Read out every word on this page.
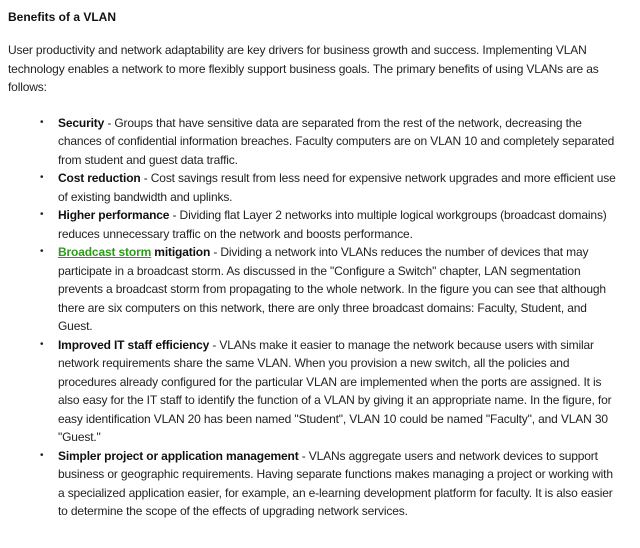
Benefits of a VLAN

User productivity and network adaptability are key drivers for business growth and success. Implementing VLAN technology enables a network to more flexibly support business goals. The primary benefits of using VLANs are as follows:

• Security - Groups that have sensitive data are separated from the rest of the network, decreasing the chances of confidential information breaches. Faculty computers are on VLAN 10 and completely separated from student and guest data traffic.
• Cost reduction - Cost savings result from less need for expensive network upgrades and more efficient use of existing bandwidth and uplinks.
• Higher performance - Dividing flat Layer 2 networks into multiple logical workgroups (broadcast domains) reduces unnecessary traffic on the network and boosts performance.
• Broadcast storm mitigation - Dividing a network into VLANs reduces the number of devices that may participate in a broadcast storm. As discussed in the "Configure a Switch" chapter, LAN segmentation prevents a broadcast storm from propagating to the whole network. In the figure you can see that although there are six computers on this network, there are only three broadcast domains: Faculty, Student, and Guest.
• Improved IT staff efficiency - VLANs make it easier to manage the network because users with similar network requirements share the same VLAN. When you provision a new switch, all the policies and procedures already configured for the particular VLAN are implemented when the ports are assigned. It is also easy for the IT staff to identify the function of a VLAN by giving it an appropriate name. In the figure, for easy identification VLAN 20 has been named "Student", VLAN 10 could be named "Faculty", and VLAN 30 "Guest."
• Simpler project or application management - VLANs aggregate users and network devices to support business or geographic requirements. Having separate functions makes managing a project or working with a specialized application easier, for example, an e-learning development platform for faculty. It is also easier to determine the scope of the effects of upgrading network services.
